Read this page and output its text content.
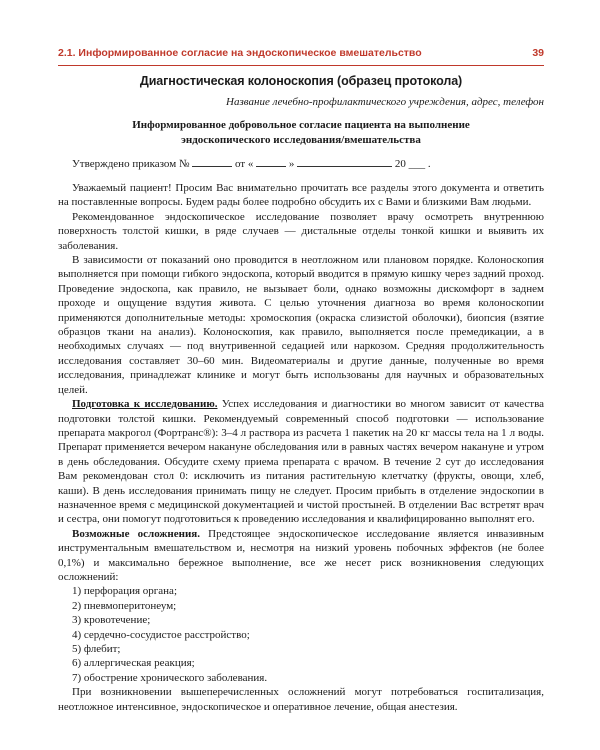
2.1. Информированное согласие на эндоскопическое вмешательство	39

Диагностическая колоноскопия (образец протокола)

Название лечебно-профилактического учреждения, адрес, телефон

Информированное добровольное согласие пациента на выполнение эндоскопического исследования/вмешательства

Утверждено приказом №	от «	»	20 ___ .

Уважаемый пациент! Просим Вас внимательно прочитать все разделы этого документа и ответить на поставленные вопросы. Будем рады более подробно обсудить их с Вами и близкими Вам людьми.

Рекомендованное эндоскопическое исследование позволяет врачу осмотреть внутреннюю поверхность толстой кишки, в ряде случаев — дистальные отделы тонкой кишки и выявить их заболевания.

В зависимости от показаний оно проводится в неотложном или плановом порядке. Колоноскопия выполняется при помощи гибкого эндоскопа, который вводится в прямую кишку через задний проход. Проведение эндоскопа, как правило, не вызывает боли, однако возможны дискомфорт в заднем проходе и ощущение вздутия живота. С целью уточнения диагноза во время колоноскопии применяются дополнительные методы: хромоскопия (окраска слизистой оболочки), биопсия (взятие образцов ткани на анализ). Колоноскопия, как правило, выполняется после премедикации, а в необходимых случаях — под внутривенной седацией или наркозом. Средняя продолжительность исследования составляет 30–60 мин. Видеоматериалы и другие данные, полученные во время исследования, принадлежат клинике и могут быть использованы для научных и образовательных целей.

Подготовка к исследованию. Успех исследования и диагностики во многом зависит от качества подготовки толстой кишки. Рекомендуемый современный способ подготовки — использование препарата макрогол (Фортранс®): 3–4 л раствора из расчета 1 пакетик на 20 кг массы тела на 1 л воды. Препарат применяется вечером накануне обследования или в равных частях вечером накануне и утром в день обследования. Обсудите схему приема препарата с врачом. В течение 2 сут до исследования Вам рекомендован стол 0: исключить из питания растительную клетчатку (фрукты, овощи, хлеб, каши). В день исследования принимать пищу не следует. Просим прибыть в отделение эндоскопии в назначенное время с медицинской документацией и чистой простыней. В отделении Вас встретят врач и сестра, они помогут подготовиться к проведению исследования и квалифицированно выполнят его.

Возможные осложнения. Предстоящее эндоскопическое исследование является инвазивным инструментальным вмешательством и, несмотря на низкий уровень побочных эффектов (не более 0,1%) и максимально бережное выполнение, все же несет риск возникновения следующих осложнений:

1) перфорация органа;

2) пневмоперитонеум;

3) кровотечение;

4) сердечно-сосудистое расстройство;

5) флебит;

6) аллергическая реакция;

7) обострение хронического заболевания.

При возникновении вышеперечисленных осложнений могут потребоваться госпитализация, неотложное интенсивное, эндоскопическое и оперативное лечение, общая анестезия.
